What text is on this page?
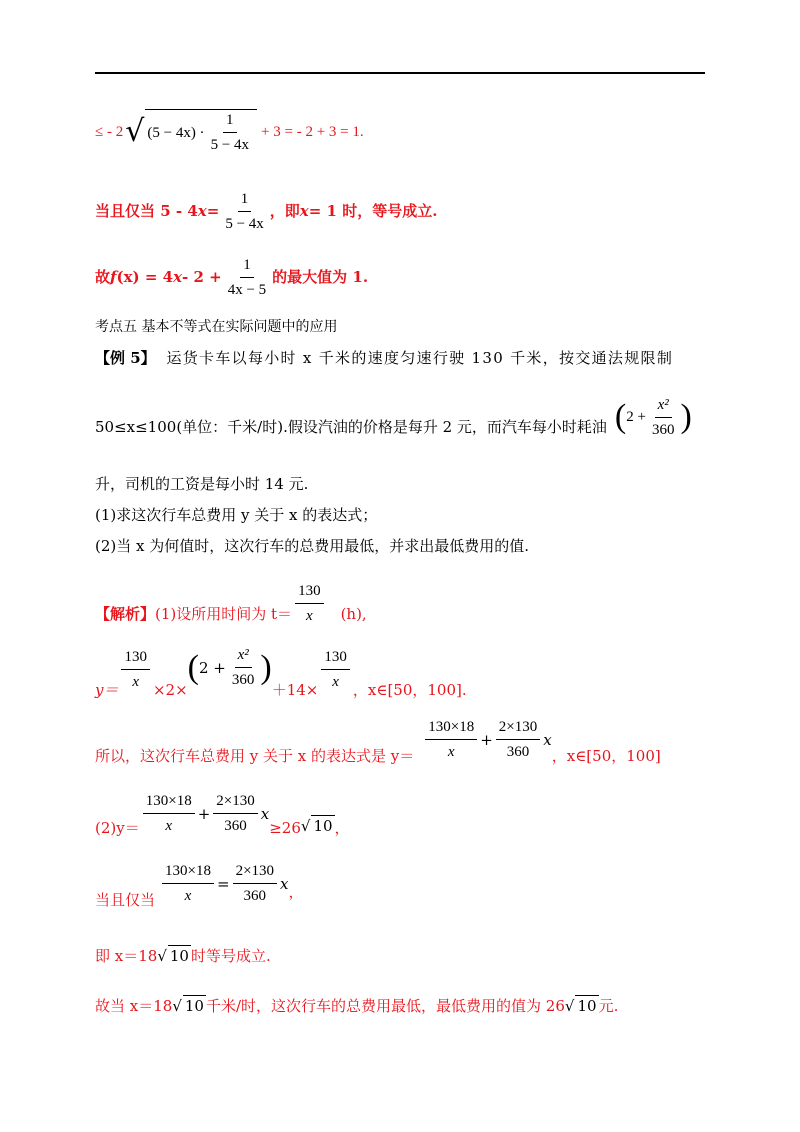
≤ - 2 √ $(5 - 4x) \cdot \frac{1}{5 - 4x} + 3$ = - 2 + 3 = 1.
当且仅当 5 - 4 $x = \frac{1}{5 - 4x}$ ，即 x = 1 时，等号成立.
故 f (x) = 4 $x - 2 + \frac{1}{4x - 5}$ 的最大值为 1.
考点五 基本不等式在实际问题中的应用
【例 5】 运货卡车以每小时 x 千米的速度匀速行驶 130 千米，按交通法规限制
50≤x≤100(单位：千米/时).假设汽油的价格是每升 2 元，而汽车每小时耗油 ( $2 + \frac{\text{x²}}{360}$ )
升，司机的工资是每小时 14 元.
(1)求这次行车总费用 y 关于 x 的表达式；
(2)当 x 为何值时，这次行车的总费用最低，并求出最低费用的值.
【解析】 (1)设所用时间为 $t= \frac{130}{x} (h)$,
$y= \frac{130}{x} \times 2\times$
( $2 + \frac{\text{x²}}{360}$ )
$+14\times \frac{130}{x}$ ，x∈[50，100].
所以，这次行车总费用 y 关于 x 的表达式是 $y= \frac{130\times 18}{x} + \frac{2\times 130}{360}$ x
，x∈[50，100]
$(2)y= \frac{130\times 18}{x} + \frac{2\times 130}{360}$ x
≥26 √ 10 ，
当且仅当 $\frac{130\times 18}{x} = \frac{2\times 130}{360}$ x ，
即 x＝18 √ 10 时等号成立.
故当 x＝18 √ 10 千米/时，这次行车的总费用最低，最低费用的值为 26 √ 10 元.
